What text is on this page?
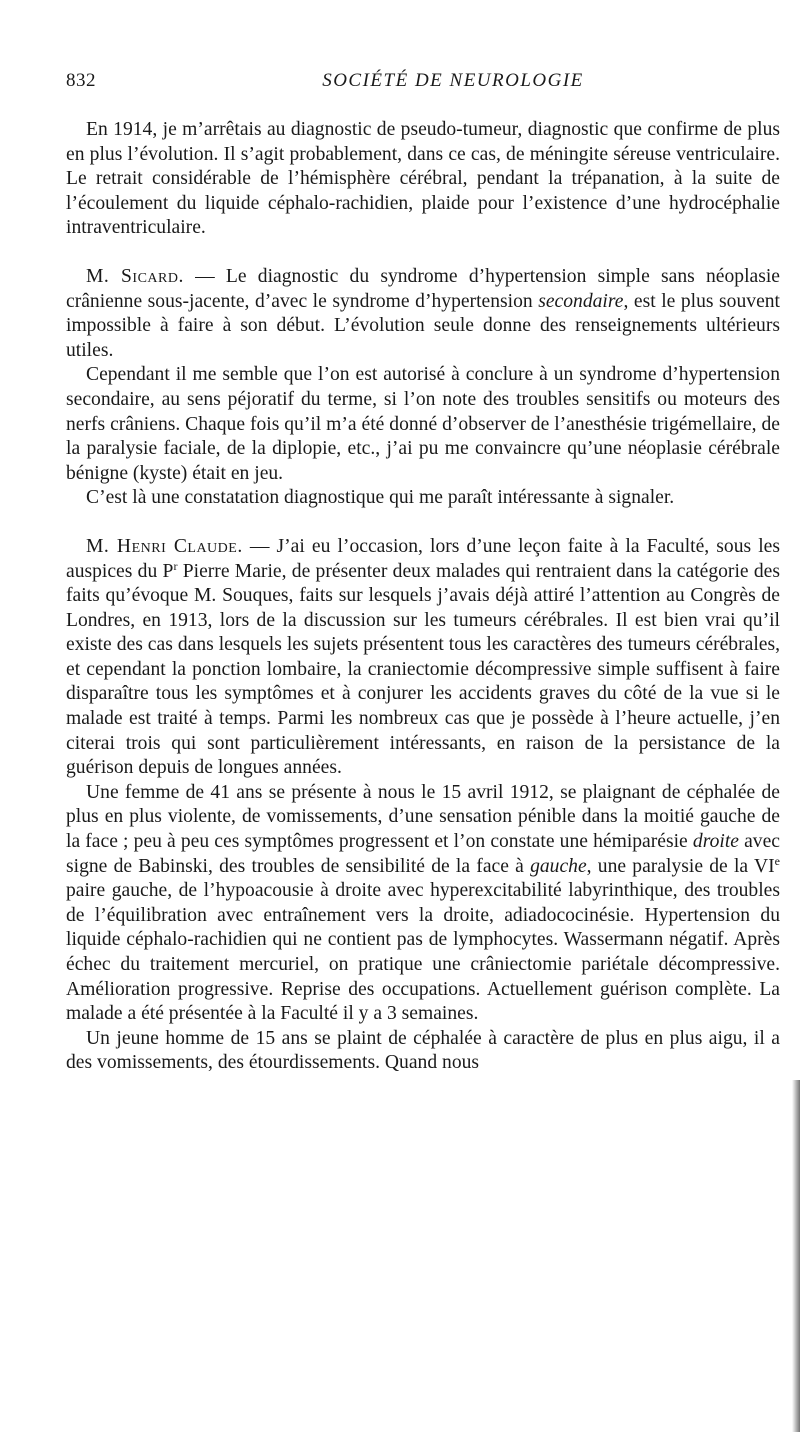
832	SOCIÉTÉ DE NEUROLOGIE

En 1914, je m’arrêtais au diagnostic de pseudo-tumeur, diagnostic que confirme de plus en plus l’évolution. Il s’agit probablement, dans ce cas, de méningite séreuse ventriculaire. Le retrait considérable de l’hémisphère cérébral, pendant la trépanation, à la suite de l’écoulement du liquide céphalo-rachidien, plaide pour l’existence d’une hydrocéphalie intraventriculaire.

M. Sicard. — Le diagnostic du syndrome d’hypertension simple sans néoplasie crânienne sous-jacente, d’avec le syndrome d’hypertension secondaire, est le plus souvent impossible à faire à son début. L’évolution seule donne des renseignements ultérieurs utiles.

Cependant il me semble que l’on est autorisé à conclure à un syndrome d’hypertension secondaire, au sens péjoratif du terme, si l’on note des troubles sensitifs ou moteurs des nerfs crâniens. Chaque fois qu’il m’a été donné d’observer de l’anesthésie trigémellaire, de la paralysie faciale, de la diplopie, etc., j’ai pu me convaincre qu’une néoplasie cérébrale bénigne (kyste) était en jeu.

C’est là une constatation diagnostique qui me paraît intéressante à signaler.

M. Henri Claude. — J’ai eu l’occasion, lors d’une leçon faite à la Faculté, sous les auspices du $P^r$ Pierre Marie, de présenter deux malades qui rentraient dans la catégorie des faits qu’évoque M. Souques, faits sur lesquels j’avais déjà attiré l’attention au Congrès de Londres, en 1913, lors de la discussion sur les tumeurs cérébrales. Il est bien vrai qu’il existe des cas dans lesquels les sujets présentent tous les caractères des tumeurs cérébrales, et cependant la ponction lombaire, la craniectomie décompressive simple suffisent à faire disparaître tous les symptômes et à conjurer les accidents graves du côté de la vue si le malade est traité à temps. Parmi les nombreux cas que je possède à l’heure actuelle, j’en citerai trois qui sont particulièrement intéressants, en raison de la persistance de la guérison depuis de longues années.

Une femme de 41 ans se présente à nous le 15 avril 1912, se plaignant de céphalée de plus en plus violente, de vomissements, d’une sensation pénible dans la moitié gauche de la face ; peu à peu ces symptômes progressent et l’on constate une hémiparésie droite avec signe de Babinski, des troubles de sensibilité de la face à gauche, une paralysie de la VIe paire gauche, de l’hypoacousie à droite avec hyperexcitabilité labyrinthique, des troubles de l’équilibration avec entraînement vers la droite, adiadococinésie. Hypertension du liquide céphalo-rachidien qui ne contient pas de lymphocytes. Wassermann négatif. Après échec du traitement mercuriel, on pratique une crâniectomie pariétale décompressive. Amélioration progressive. Reprise des occupations. Actuellement guérison complète. La malade a été présentée à la Faculté il y a 3 semaines.

Un jeune homme de 15 ans se plaint de céphalée à caractère de plus en plus aigu, il a des vomissements, des étourdissements. Quand nous
